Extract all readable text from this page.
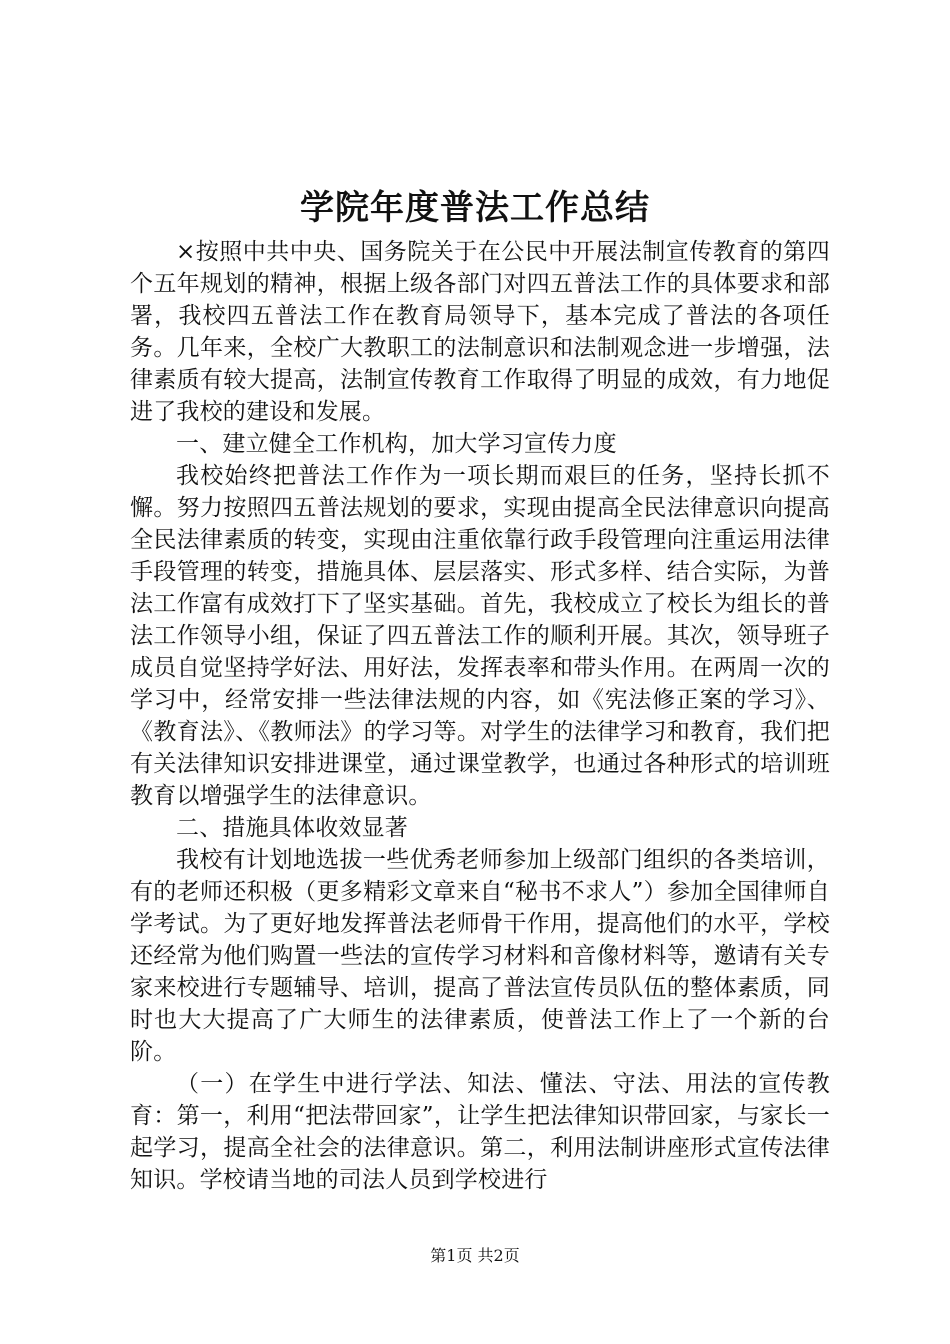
学院年度普法工作总结

×按照中共中央、国务院关于在公民中开展法制宣传教育的第四个五年规划的精神，根据上级各部门对四五普法工作的具体要求和部署，我校四五普法工作在教育局领导下，基本完成了普法的各项任务。几年来，全校广大教职工的法制意识和法制观念进一步增强，法律素质有较大提高，法制宣传教育工作取得了明显的成效，有力地促进了我校的建设和发展。

一、建立健全工作机构，加大学习宣传力度

我校始终把普法工作作为一项长期而艰巨的任务，坚持长抓不懈。努力按照四五普法规划的要求，实现由提高全民法律意识向提高全民法律素质的转变，实现由注重依靠行政手段管理向注重运用法律手段管理的转变，措施具体、层层落实、形式多样、结合实际，为普法工作富有成效打下了坚实基础。首先，我校成立了校长为组长的普法工作领导小组，保证了四五普法工作的顺利开展。其次，领导班子成员自觉坚持学好法、用好法，发挥表率和带头作用。在两周一次的学习中，经常安排一些法律法规的内容，如《宪法修正案的学习》、《教育法》、《教师法》的学习等。对学生的法律学习和教育，我们把有关法律知识安排进课堂，通过课堂教学，也通过各种形式的培训班教育以增强学生的法律意识。

二、措施具体收效显著

我校有计划地选拔一些优秀老师参加上级部门组织的各类培训，有的老师还积极（更多精彩文章来自“秘书不求人”）参加全国律师自学考试。为了更好地发挥普法老师骨干作用，提高他们的水平，学校还经常为他们购置一些法的宣传学习材料和音像材料等，邀请有关专家来校进行专题辅导、培训，提高了普法宣传员队伍的整体素质，同时也大大提高了广大师生的法律素质，使普法工作上了一个新的台阶。

（一）在学生中进行学法、知法、懂法、守法、用法的宣传教育：第一，利用“把法带回家”，让学生把法律知识带回家，与家长一起学习，提高全社会的法律意识。第二，利用法制讲座形式宣传法律知识。学校请当地的司法人员到学校进行

第1页 共2页
